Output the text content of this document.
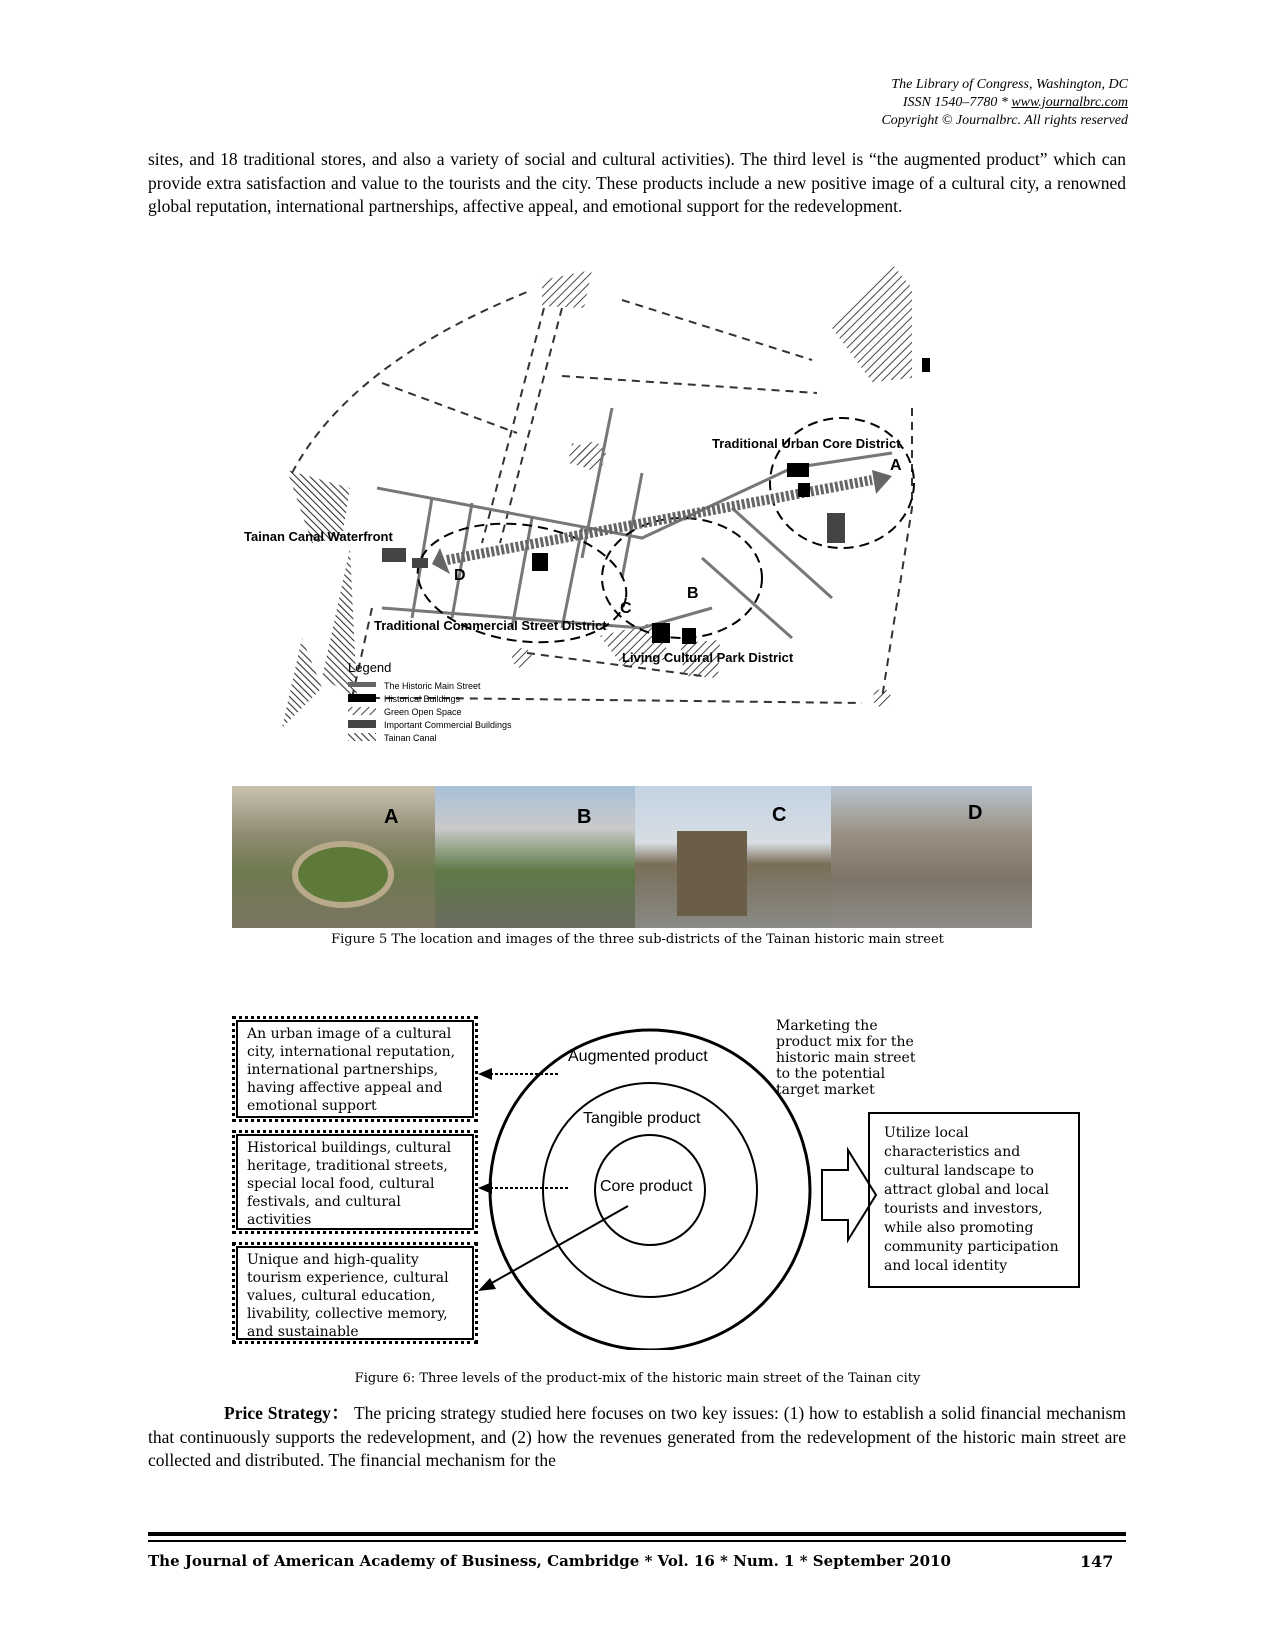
The Library of Congress, Washington, DC
ISSN 1540–7780 * www.journalbrc.com
Copyright © Journalbrc. All rights reserved
sites, and 18 traditional stores, and also a variety of social and cultural activities). The third level is “the augmented product” which can provide extra satisfaction and value to the tourists and the city. These products include a new positive image of a cultural city, a renowned global reputation, international partnerships, affective appeal, and emotional support for the redevelopment.
Traditional Urban Core District
Tainan Canal Waterfront
Traditional Commercial Street District
Living Cultural Park District
A
B
C
D
Legend
The Historic Main Street
Historical Buildings
Green Open Space
Important Commercial Buildings
Tainan Canal
A	B	C	D
Figure 5 The location and images of the three sub-districts of the Tainan historic main street
An urban image of a cultural city, international reputation, international partnerships, having affective appeal and emotional support
Historical buildings, cultural heritage, traditional streets, special local food, cultural festivals, and cultural activities
Unique and high-quality tourism experience, cultural values, cultural education, livability, collective memory, and sustainable
Augmented product
Tangible product
Core product
Marketing the product mix for the historic main street to the potential target market
Utilize local characteristics and cultural landscape to attract global and local tourists and investors, while also promoting community participation and local identity
Figure 6: Three levels of the product-mix of the historic main street of the Tainan city
Price Strategy： The pricing strategy studied here focuses on two key issues: (1) how to establish a solid financial mechanism that continuously supports the redevelopment, and (2) how the revenues generated from the redevelopment of the historic main street are collected and distributed. The financial mechanism for the
The Journal of American Academy of Business, Cambridge * Vol. 16 * Num. 1 * September 2010	147
